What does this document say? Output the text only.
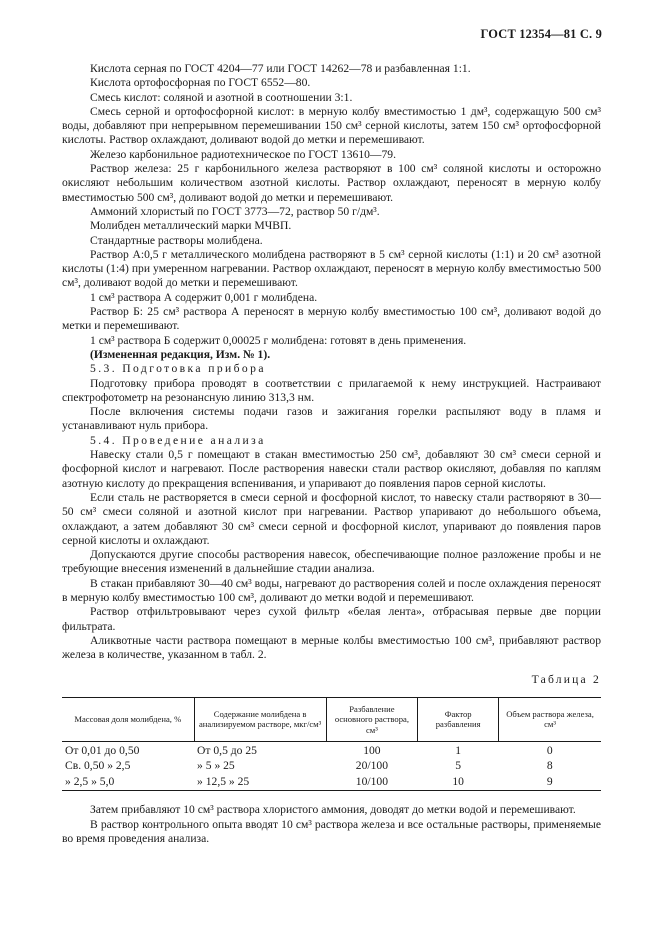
ГОСТ 12354—81 С. 9

Кислота серная по ГОСТ 4204—77 или ГОСТ 14262—78 и разбавленная 1:1.

Кислота ортофосфорная по ГОСТ 6552—80.

Смесь кислот: соляной и азотной в соотношении 3:1.

Смесь серной и ортофосфорной кислот: в мерную колбу вместимостью 1 дм³, содержащую 500 см³ воды, добавляют при непрерывном перемешивании 150 см³ серной кислоты, затем 150 см³ ортофосфорной кислоты. Раствор охлаждают, доливают водой до метки и перемешивают.

Железо карбонильное радиотехническое по ГОСТ 13610—79.

Раствор железа: 25 г карбонильного железа растворяют в 100 см³ соляной кислоты и осторожно окисляют небольшим количеством азотной кислоты. Раствор охлаждают, переносят в мерную колбу вместимостью 500 см³, доливают водой до метки и перемешивают.

Аммоний хлористый по ГОСТ 3773—72, раствор 50 г/дм³.

Молибден металлический марки МЧВП.

Стандартные растворы молибдена.

Раствор А:0,5 г металлического молибдена растворяют в 5 см³ серной кислоты (1:1) и 20 см³ азотной кислоты (1:4) при умеренном нагревании. Раствор охлаждают, переносят в мерную колбу вместимостью 500 см³, доливают водой до метки и перемешивают.

1 см³ раствора А содержит 0,001 г молибдена.

Раствор Б: 25 см³ раствора А переносят в мерную колбу вместимостью 100 см³, доливают водой до метки и перемешивают.

1 см³ раствора Б содержит 0,00025 г молибдена: готовят в день применения.

(Измененная редакция, Изм. № 1).

5.3. Подготовка прибора

Подготовку прибора проводят в соответствии с прилагаемой к нему инструкцией. Настраивают спектрофотометр на резонансную линию 313,3 нм.

После включения системы подачи газов и зажигания горелки распыляют воду в пламя и устанавливают нуль прибора.

5.4. Проведение анализа

Навеску стали 0,5 г помещают в стакан вместимостью 250 см³, добавляют 30 см³ смеси серной и фосфорной кислот и нагревают. После растворения навески стали раствор окисляют, добавляя по каплям азотную кислоту до прекращения вспенивания, и упаривают до появления паров серной кислоты.

Если сталь не растворяется в смеси серной и фосфорной кислот, то навеску стали растворяют в 30—50 см³ смеси соляной и азотной кислот при нагревании. Раствор упаривают до небольшого объема, охлаждают, а затем добавляют 30 см³ смеси серной и фосфорной кислот, упаривают до появления паров серной кислоты и охлаждают.

Допускаются другие способы растворения навесок, обеспечивающие полное разложение пробы и не требующие внесения изменений в дальнейшие стадии анализа.

В стакан прибавляют 30—40 см³ воды, нагревают до растворения солей и после охлаждения переносят в мерную колбу вместимостью 100 см³, доливают до метки водой и перемешивают.

Раствор отфильтровывают через сухой фильтр «белая лента», отбрасывая первые две порции фильтрата.

Аликвотные части раствора помещают в мерные колбы вместимостью 100 см³, прибавляют раствор железа в количестве, указанном в табл. 2.

Таблица 2
Массовая доля молибдена, %	Содержание молибдена в анализируемом растворе, мкг/см³	Разбавление основного раствора, см³	Фактор разбавления	Объем раствора железа, см³
От 0,01 до 0,50	От 0,5 до 25	100	1	0
Св. 0,50 » 2,5	» 5 » 25	20/100	5	8
» 2,5 » 5,0	» 12,5 » 25	10/100	10	9

Затем прибавляют 10 см³ раствора хлористого аммония, доводят до метки водой и перемешивают.

В раствор контрольного опыта вводят 10 см³ раствора железа и все остальные растворы, применяемые во время проведения анализа.
